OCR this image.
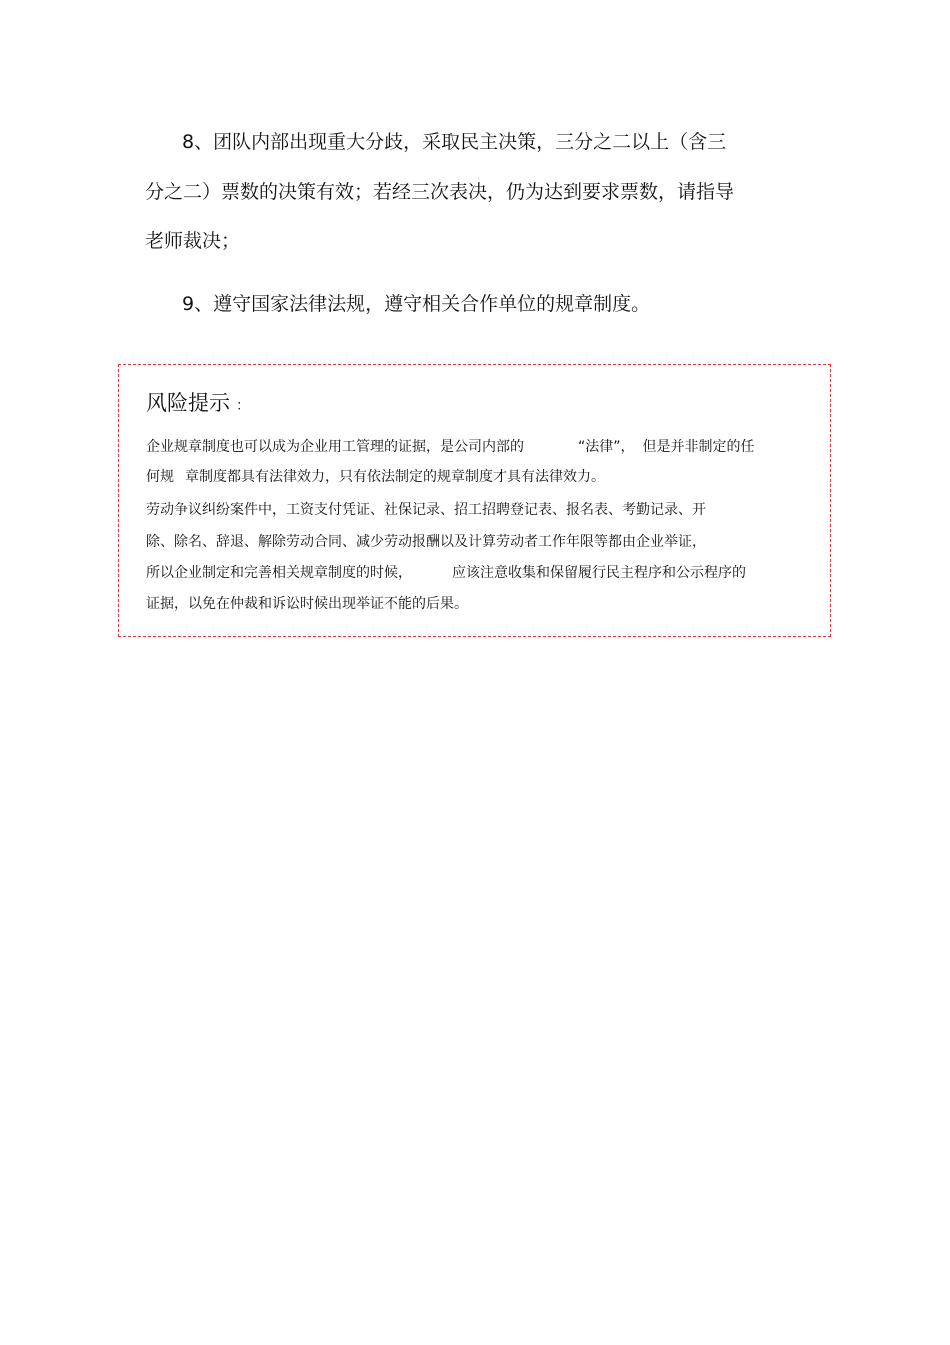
8、团队内部出现重大分歧，采取民主决策，三分之二以上（含三
分之二）票数的决策有效；若经三次表决，仍为达到要求票数，请指导
老师裁决；
9、遵守国家法律法规，遵守相关合作单位的规章制度。
风险提示 ：
企业规章制度也可以成为企业用工管理的证据，是公司内部的	“法律”， 但是并非制定的任
何规 章制度都具有法律效力，只有依法制定的规章制度才具有法律效力。
劳动争议纠纷案件中，工资支付凭证、社保记录、招工招聘登记表、报名表、考勤记录、开
除、除名、辞退、解除劳动合同、减少劳动报酬以及计算劳动者工作年限等都由企业举证，
所以企业制定和完善相关规章制度的时候，	应该注意收集和保留履行民主程序和公示程序的
证据，以免在仲裁和诉讼时候出现举证不能的后果。
